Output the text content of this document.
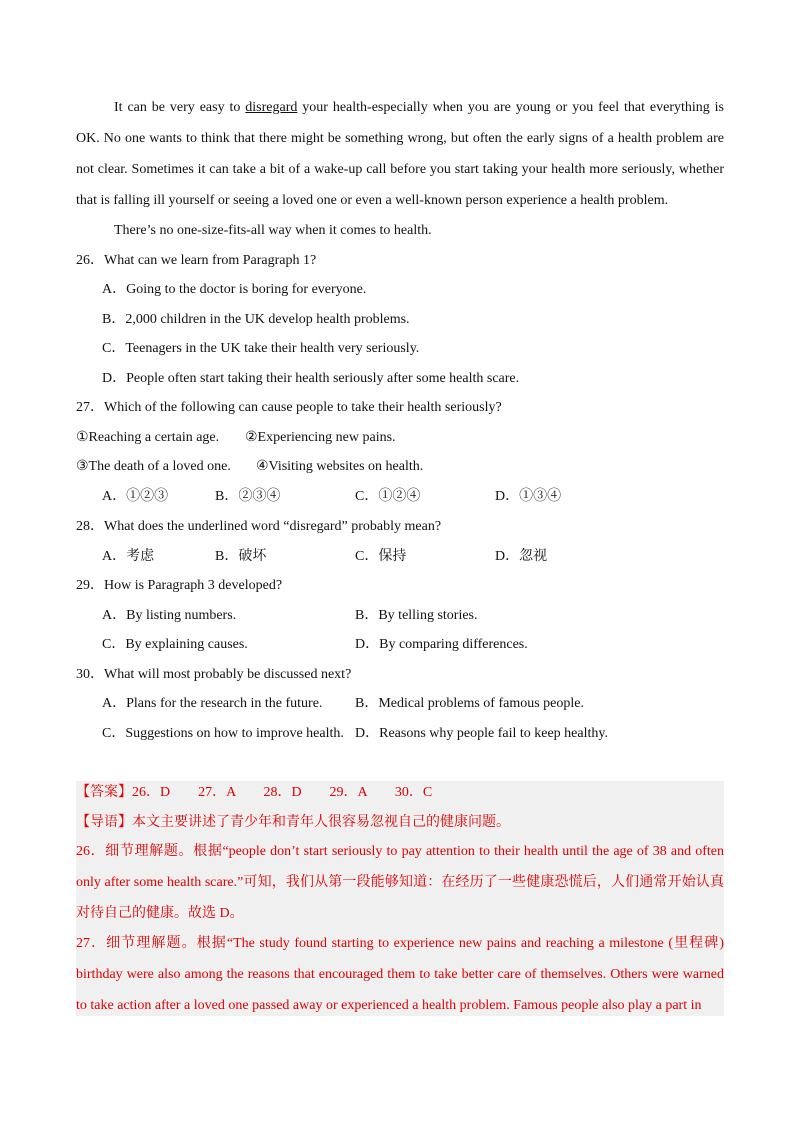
It can be very easy to disregard your health-especially when you are young or you feel that everything is OK. No one wants to think that there might be something wrong, but often the early signs of a health problem are not clear. Sometimes it can take a bit of a wake-up call before you start taking your health more seriously, whether that is falling ill yourself or seeing a loved one or even a well-known person experience a health problem.
There’s no one-size-fits-all way when it comes to health.
26．What can we learn from Paragraph 1?
A．Going to the doctor is boring for everyone.
B．2,000 children in the UK develop health problems.
C．Teenagers in the UK take their health very seriously.
D．People often start taking their health seriously after some health scare.
27．Which of the following can cause people to take their health seriously?
①Reaching a certain age. ②Experiencing new pains.
③The death of a loved one. ④Visiting websites on health.
A．①②③	B．②③④	C．①②④	D．①③④
28．What does the underlined word “disregard” probably mean?
A．考虑	B．破坏	C．保持	D．忽视
29．How is Paragraph 3 developed?
A．By listing numbers.	B．By telling stories.
C．By explaining causes.	D．By comparing differences.
30．What will most probably be discussed next?
A．Plans for the research in the future. B．Medical problems of famous people.
C．Suggestions on how to improve health. D．Reasons why people fail to keep healthy.
【答案】26．D　　27．A　　28．D　　29．A　　30．C
【导语】本文主要讲述了青少年和青年人很容易忽视自己的健康问题。
26．细节理解题。根据“people don’t start seriously to pay attention to their health until the age of 38 and often only after some health scare.”可知，我们从第一段能够知道：在经历了一些健康恐慌后，人们通常开始认真对待自己的健康。故选 D。
27．细节理解题。根据“The study found starting to experience new pains and reaching a milestone (里程碑) birthday were also among the reasons that encouraged them to take better care of themselves. Others were warned to take action after a loved one passed away or experienced a health problem. Famous people also play a part in
